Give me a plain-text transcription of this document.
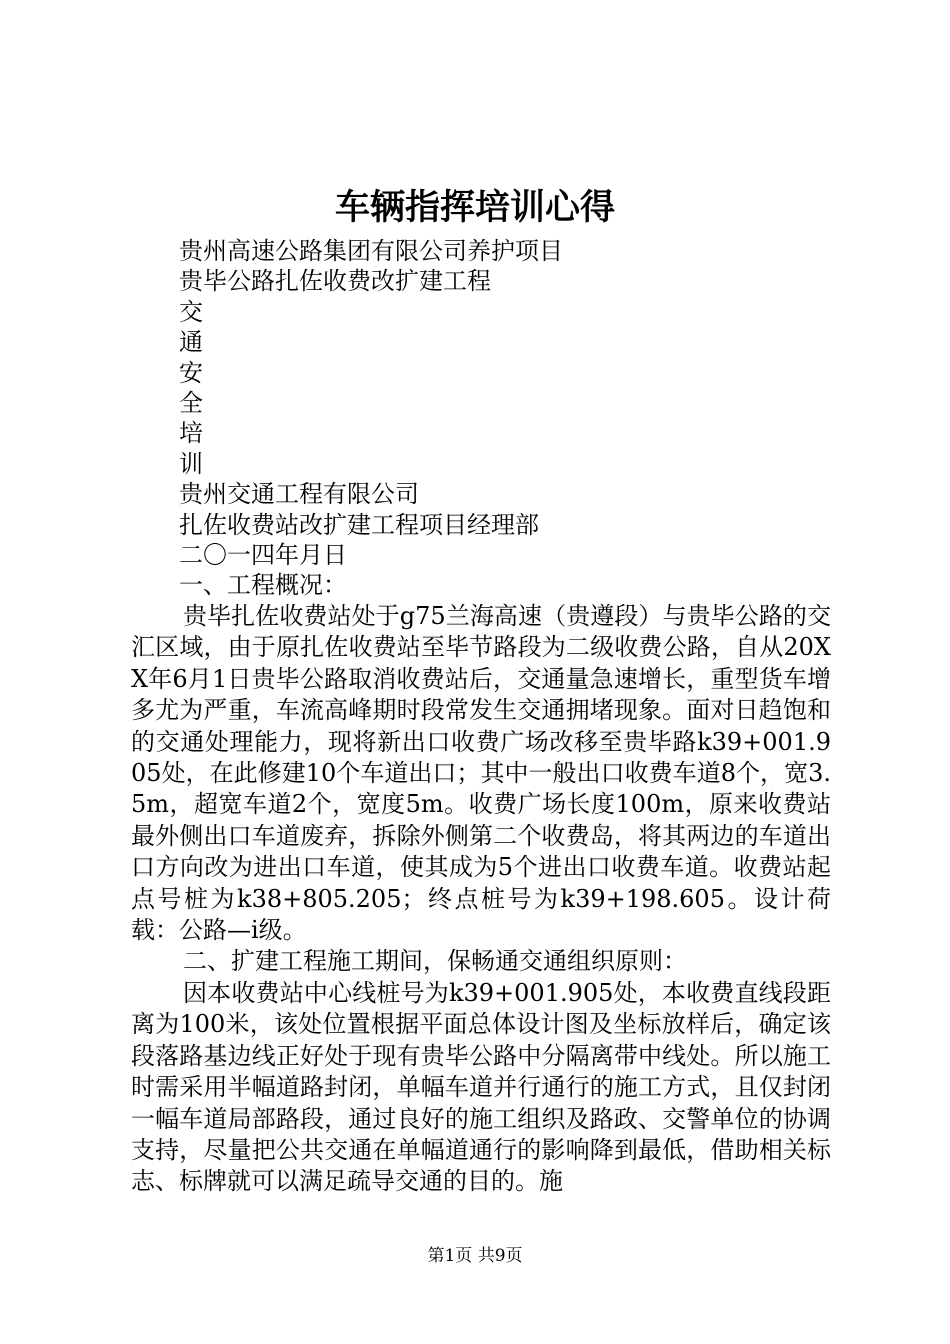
车辆指挥培训心得
贵州高速公路集团有限公司养护项目
贵毕公路扎佐收费改扩建工程
交
通
安
全
培
训
贵州交通工程有限公司
扎佐收费站改扩建工程项目经理部
二〇一四年月日
一、工程概况：

贵毕扎佐收费站处于g75兰海高速（贵遵段）与贵毕公路的交汇区域，由于原扎佐收费站至毕节路段为二级收费公路，自从20XX年6月1日贵毕公路取消收费站后，交通量急速增长，重型货车增多尤为严重，车流高峰期时段常发生交通拥堵现象。面对日趋饱和的交通处理能力，现将新出口收费广场改移至贵毕路k39+001.905处，在此修建10个车道出口；其中一般出口收费车道8个，宽3.5m，超宽车道2个，宽度5m。收费广场长度100m，原来收费站最外侧出口车道废弃，拆除外侧第二个收费岛，将其两边的车道出口方向改为进出口车道，使其成为5个进出口收费车道。收费站起点号桩为k38+805.205；终点桩号为k39+198.605。设计荷载：公路—ⅰ级。

二、扩建工程施工期间，保畅通交通组织原则：

因本收费站中心线桩号为k39+001.905处，本收费直线段距离为100米，该处位置根据平面总体设计图及坐标放样后，确定该段落路基边线正好处于现有贵毕公路中分隔离带中线处。所以施工时需采用半幅道路封闭，单幅车道并行通行的施工方式，且仅封闭一幅车道局部路段，通过良好的施工组织及路政、交警单位的协调支持，尽量把公共交通在单幅道通行的影响降到最低，借助相关标志、标牌就可以满足疏导交通的目的。施

第1页 共9页
